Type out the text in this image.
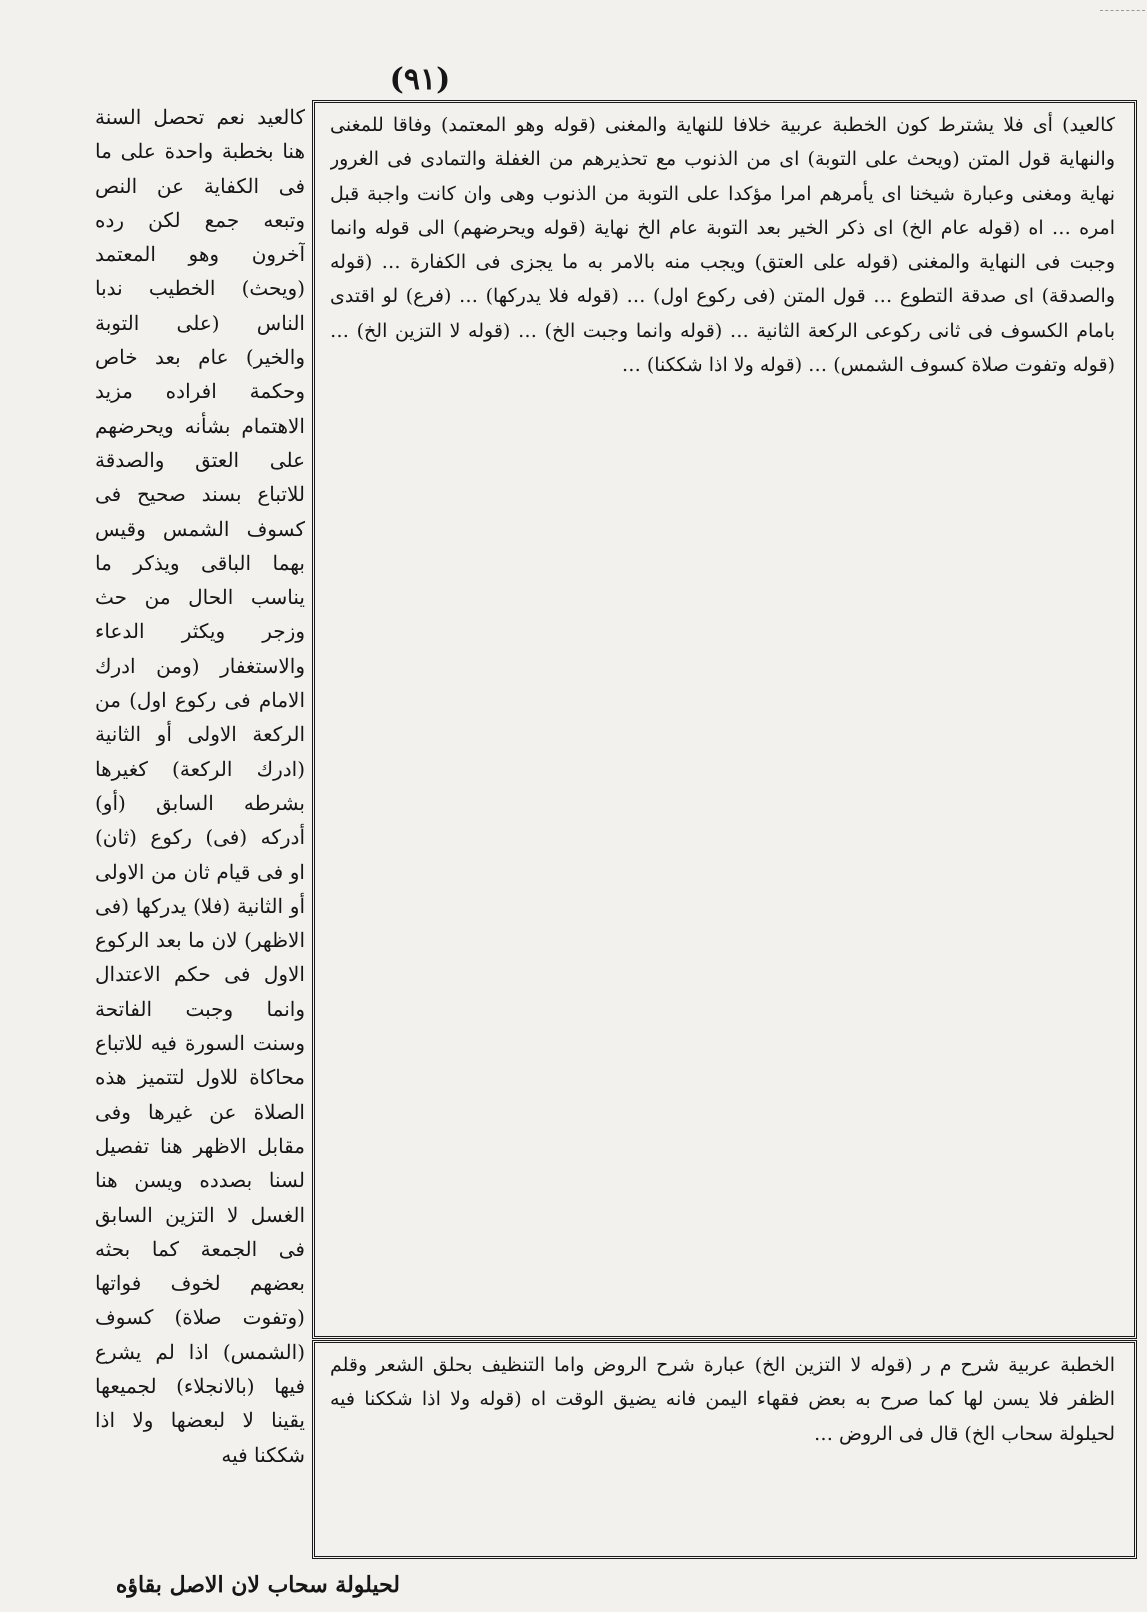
(٩١)

كالعيد) أى فلا يشترط كون الخطبة عربية خلافا للنهاية والمغنى (قوله وهو المعتمد) وفاقا للمغنى والنهاية قول المتن (ويحث على التوبة) اى من الذنوب مع تحذيرهم من الغفلة والتمادى فى الغرور نهاية ومغنى وعبارة شيخنا اى يأمرهم امرا مؤكدا على التوبة من الذنوب وهى وان كانت واجبة قبل امره … اه (قوله عام الخ) اى ذكر الخير بعد التوبة عام الخ نهاية (قوله ويحرضهم) الى قوله وانما وجبت فى النهاية والمغنى (قوله على العتق) ويجب منه بالامر به ما يجزى فى الكفارة … (قوله والصدقة) اى صدقة التطوع … قول المتن (فى ركوع اول) … (قوله فلا يدركها) … (فرع) لو اقتدى بامام الكسوف فى ثانى ركوعى الركعة الثانية … (قوله وانما وجبت الخ) … (قوله لا التزين الخ) … (قوله وتفوت صلاة كسوف الشمس) … (قوله ولا اذا شككنا) …

الخطبة عربية شرح م ر (قوله لا التزين الخ) عبارة شرح الروض واما التنظيف بحلق الشعر وقلم الظفر فلا يسن لها كما صرح به بعض فقهاء اليمن فانه يضيق الوقت اه (قوله ولا اذا شككنا فيه لحيلولة سحاب الخ) قال فى الروض …

كالعيد نعم تحصل السنة هنا بخطبة واحدة على ما فى الكفاية عن النص وتبعه جمع لكن رده آخرون وهو المعتمد (ويحث) الخطيب ندبا الناس (على التوبة والخير) عام بعد خاص وحكمة افراده مزيد الاهتمام بشأنه ويحرضهم على العتق والصدقة للاتباع بسند صحيح فى كسوف الشمس وقيس بهما الباقى ويذكر ما يناسب الحال من حث وزجر ويكثر الدعاء والاستغفار (ومن ادرك الامام فى ركوع اول) من الركعة الاولى أو الثانية (ادرك الركعة) كغيرها بشرطه السابق (أو) أدركه (فى) ركوع (ثان) او فى قيام ثان من الاولى أو الثانية (فلا) يدركها (فى الاظهر) لان ما بعد الركوع الاول فى حكم الاعتدال وانما وجبت الفاتحة وسنت السورة فيه للاتباع محاكاة للاول لتتميز هذه الصلاة عن غيرها وفى مقابل الاظهر هنا تفصيل لسنا بصدده ويسن هنا الغسل لا التزين السابق فى الجمعة كما بحثه بعضهم لخوف فواتها (وتفوت صلاة) كسوف (الشمس) اذا لم يشرع فيها (بالانجلاء) لجميعها يقينا لا لبعضها ولا اذا شككنا فيه

لحيلولة سحاب لان الاصل بقاؤه
